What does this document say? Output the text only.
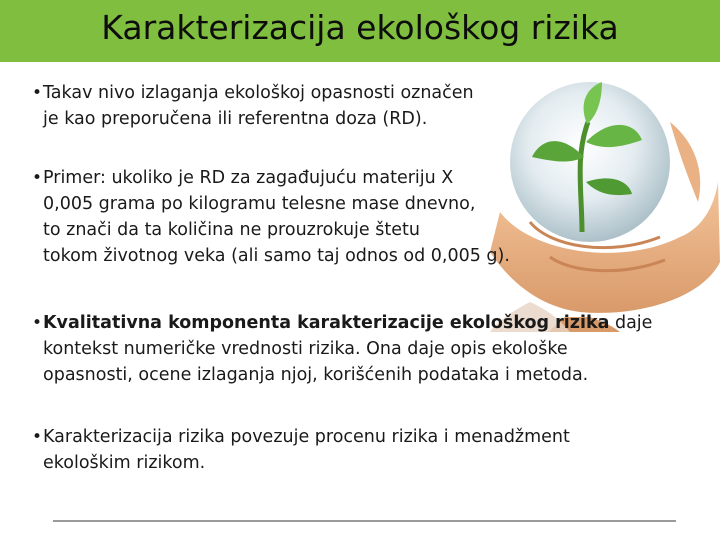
Karakterizacija ekološkog rizika
• Takav nivo izlaganja ekološkoj opasnosti označen
je kao preporučena ili referentna doza (RD).
• Primer: ukoliko je RD za zagađujuću materiju X
0,005 grama po kilogramu telesne mase dnevno,
to znači da ta količina ne prouzrokuje štetu
tokom životnog veka (ali samo taj odnos od 0,005 g).
• Kvalitativna komponenta karakterizacije ekološkog rizika daje
kontekst numeričke vrednosti rizika. Ona daje opis ekološke
opasnosti, ocene izlaganja njoj, korišćenih podataka i metoda.
• Karakterizacija rizika povezuje procenu rizika i menadžment
ekološkim rizikom.
